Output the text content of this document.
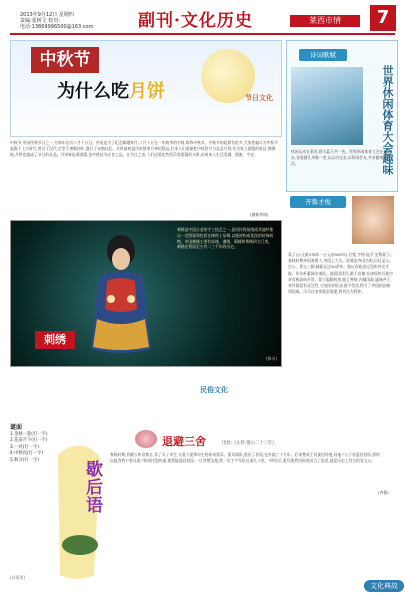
2013年9月12日 星期四
责编:张树文 校对:
电话:13869996500@163.com	副刊·文化历史	莱西市情	7
中秋节
为什么吃月饼	节日文化
中秋节,中国传统节日之一,为每年农历八月十五日。传说是为了纪念嫦娥奔月,八月十五在一年秋季的中间,故称中秋节。中秋节的起源有很多,大家普遍认为中秋节起源于上古时代,普及于汉代,定型于唐朝初年,盛行于宋朝以后。月饼最初是用来祭奉月神的祭品,后来人们逐渐把中秋赏月与品尝月饼,作为家人团圆的象征,慢慢地,月饼也就成了节日的礼品。月饼象征着团圆,是中秋佳节必食之品。在节日之夜,人们还爱吃些西瓜等团圆的水果,祈祝家人生活美满、甜蜜、平安。
(据新华网)
诗词歌赋
世界休闲体育大会趣味
休闲运动在莱西,碧水蓝天共一色。世界休闲体育大会在此举办,各地健儿齐聚一堂,以运动交友,以休闲会友,共享健康生活。
齐鲁才俊
姜子(公元前578年一公元前500年),名婴,字仲,谥平,史称晏子。春秋时期齐国夷维人,齐国上大夫。晏婴是齐国名相,历任灵公、庄公、景公三朝,辅政长达50余年。他以有政治远见和外交才能、作风朴素闻名诸侯。他爱国忧民,敢于直谏,在诸侯和百姓中享有极高的声誉。晏子聪颖机智,能言善辩,内辅国政,屡谏齐王,对外既富有灵活性,又坚持原则,出使不受辱,捍卫了齐国的国格和国威。司马迁非常推崇晏婴,将其比为管仲。
(齐鲁)
刺绣
刺绣是中国古老的手工技艺之一,是用针将丝线或其他纤维以一定图案和色彩在绣料上穿刺,以缝迹构成花纹的装饰织物。中国刺绣主要有苏绣、湘绣、蜀绣和粤绣四大门类。刺绣在我国至少有二三千年的历史。
(摘录)
民俗文化
谜面
1.金秋一轮(打一字)
2.花前月下(打一字)
3.一对(打一字)
4.中秋夜(打一字)
5.秋分(打一字)	歇后语
(苏莱西)
退避三舍	出处:《左传·僖公二十三年》
春秋时期,晋献公听信谗言,杀了太子申生,又派人捉拿申生的弟弟重耳。重耳闻讯,逃出了晋国,在外流亡十九年。后来楚成王设宴招待他,问他:"公子若返回晋国,将何以报答我?"重耳说:"如果托您的福,使我能返回晋国,一旦晋楚交战,我一定下令军队后退九十里。"四年后,重耳果然回到晋国当了国君,就是历史上有名的晋文公。
文化典故
